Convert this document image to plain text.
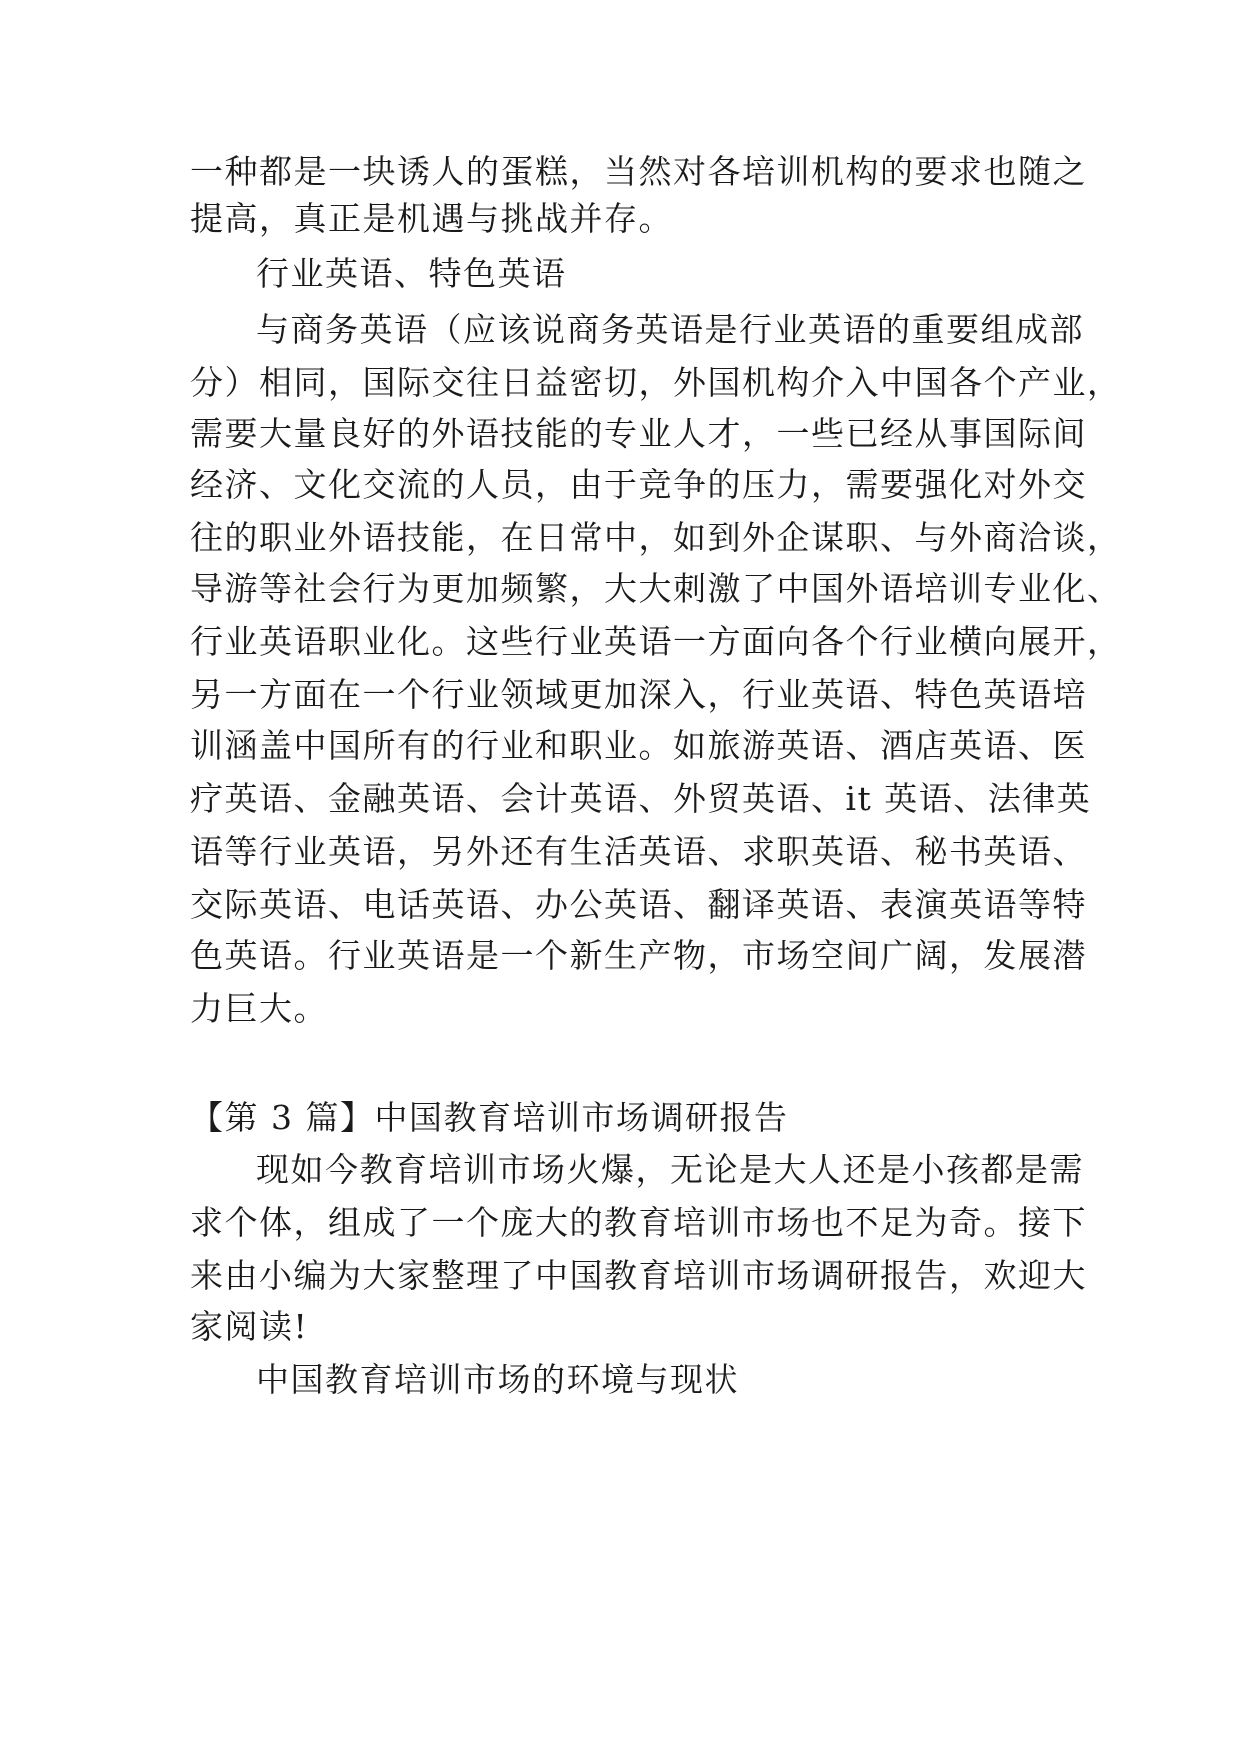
一种都是一块诱人的蛋糕，当然对各培训机构的要求也随之
提高，真正是机遇与挑战并存。
行业英语、特色英语
与商务英语（应该说商务英语是行业英语的重要组成部
分）相同，国际交往日益密切，外国机构介入中国各个产业，
需要大量良好的外语技能的专业人才，一些已经从事国际间
经济、文化交流的人员，由于竞争的压力，需要强化对外交
往的职业外语技能，在日常中，如到外企谋职、与外商洽谈，
导游等社会行为更加频繁，大大刺激了中国外语培训专业化、
行业英语职业化。这些行业英语一方面向各个行业横向展开，
另一方面在一个行业领域更加深入，行业英语、特色英语培
训涵盖中国所有的行业和职业。如旅游英语、酒店英语、医
疗英语、金融英语、会计英语、外贸英语、it 英语、法律英
语等行业英语，另外还有生活英语、求职英语、秘书英语、
交际英语、电话英语、办公英语、翻译英语、表演英语等特
色英语。行业英语是一个新生产物，市场空间广阔，发展潜
力巨大。
【第 3 篇】中国教育培训市场调研报告
现如今教育培训市场火爆，无论是大人还是小孩都是需
求个体，组成了一个庞大的教育培训市场也不足为奇。接下
来由小编为大家整理了中国教育培训市场调研报告，欢迎大
家阅读!
中国教育培训市场的环境与现状
